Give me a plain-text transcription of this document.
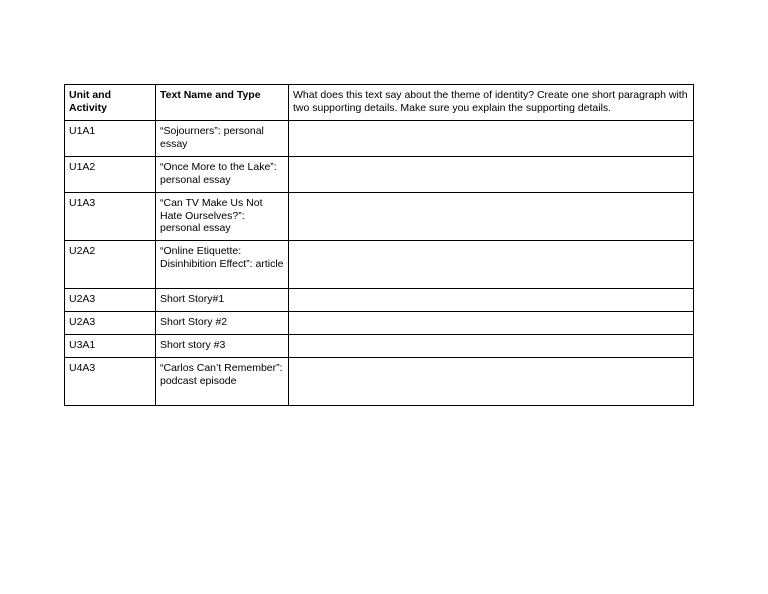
Unit and Activity	Text Name and Type	What does this text say about the theme of identity? Create one short paragraph with two supporting details. Make sure you explain the supporting details.
U1A1	“Sojourners”: personal essay	
U1A2	“Once More to the Lake”: personal essay	
U1A3	“Can TV Make Us Not Hate Ourselves?”: personal essay	
U2A2	“Online Etiquette: Disinhibition Effect”: article	
U2A3	Short Story#1	
U2A3	Short Story #2	
U3A1	Short story #3	
U4A3	“Carlos Can’t Remember”: podcast episode	
